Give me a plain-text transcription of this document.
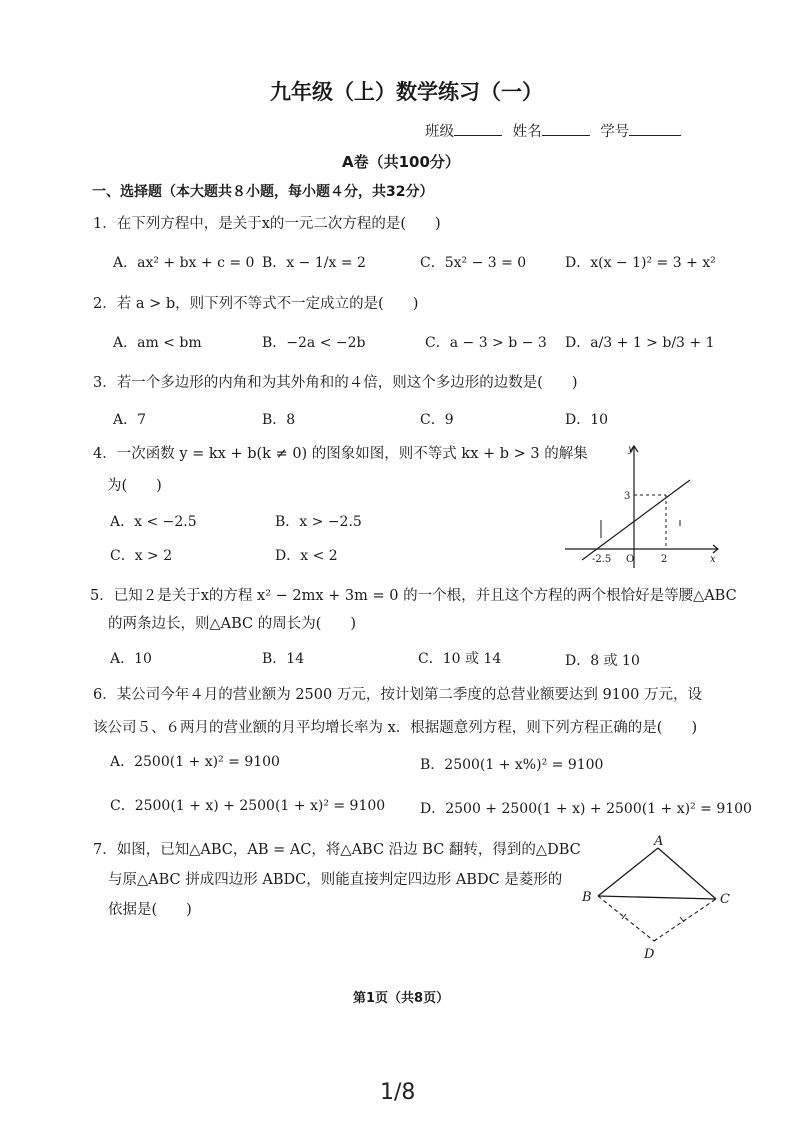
九年级（上）数学练习（一）
班级	姓名	学号
A卷（共100分）
一、选择题（本大题共８小题，每小题４分，共32分）
1．在下列方程中，是关于x的一元二次方程的是(　　)
A．ax² + bx + c = 0 B．x − 1/x = 2	C．5x² − 3 = 0	D．x(x − 1)² = 3 + x²
2．若 a > b，则下列不等式不一定成立的是(　　)
A．am < bm	B．−2a < −2b	C．a − 3 > b − 3 D．a/3 + 1 > b/3 + 1
3．若一个多边形的内角和为其外角和的４倍，则这个多边形的边数是(　　)
A．7	B．8	C．9	D．10
4．一次函数 y = kx + b(k ≠ 0) 的图象如图，则不等式 kx + b > 3 的解集
为(　　)
A．x < −2.5	B．x > −2.5
C．x > 2	D．x < 2
y
x
O
3
-2.5	2
5．已知２是关于x的方程 x² − 2mx + 3m = 0 的一个根，并且这个方程的两个根恰好是等腰△ABC
的两条边长，则△ABC 的周长为(　　)
A．10	B．14	C．10 或 14	D．8 或 10
6．某公司今年４月的营业额为 2500 万元，按计划第二季度的总营业额要达到 9100 万元，设
该公司５、６两月的营业额的月平均增长率为 x．根据题意列方程，则下列方程正确的是(　　)
A．2500(1 + x)² = 9100	B．2500(1 + x%)² = 9100
C．2500(1 + x) + 2500(1 + x)² = 9100 D．2500 + 2500(1 + x) + 2500(1 + x)² = 9100
7．如图，已知△ABC，AB = AC，将△ABC 沿边 BC 翻转，得到的△DBC
与原△ABC 拼成四边形 ABDC，则能直接判定四边形 ABDC 是菱形的
依据是(　　)
A
B	C
D
第1页（共8页）
1/8
